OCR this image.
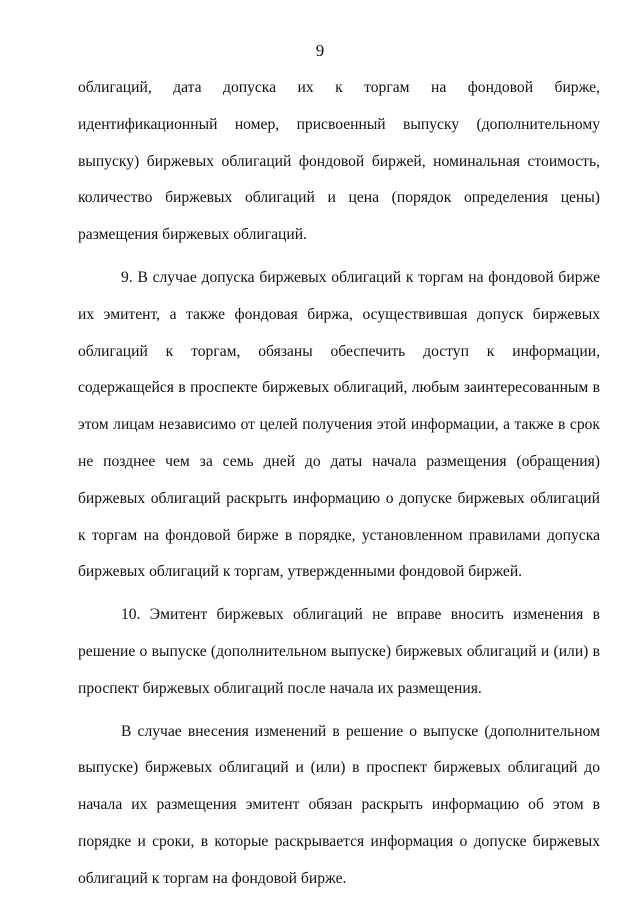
9

облигаций, дата допуска их к торгам на фондовой бирже, идентификационный номер, присвоенный выпуску (дополнительному выпуску) биржевых облигаций фондовой биржей, номинальная стоимость, количество биржевых облигаций и цена (порядок определения цены) размещения биржевых облигаций.

9. В случае допуска биржевых облигаций к торгам на фондовой бирже их эмитент, а также фондовая биржа, осуществившая допуск биржевых облигаций к торгам, обязаны обеспечить доступ к информации, содержащейся в проспекте биржевых облигаций, любым заинтересованным в этом лицам независимо от целей получения этой информации, а также в срок не позднее чем за семь дней до даты начала размещения (обращения) биржевых облигаций раскрыть информацию о допуске биржевых облигаций к торгам на фондовой бирже в порядке, установленном правилами допуска биржевых облигаций к торгам, утвержденными фондовой биржей.

10. Эмитент биржевых облигаций не вправе вносить изменения в решение о выпуске (дополнительном выпуске) биржевых облигаций и (или) в проспект биржевых облигаций после начала их размещения.

В случае внесения изменений в решение о выпуске (дополнительном выпуске) биржевых облигаций и (или) в проспект биржевых облигаций до начала их размещения эмитент обязан раскрыть информацию об этом в порядке и сроки, в которые раскрывается информация о допуске биржевых облигаций к торгам на фондовой бирже.
